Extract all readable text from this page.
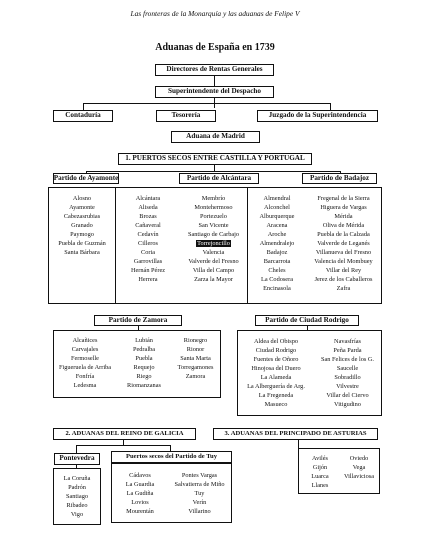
Las fronteras de la Monarquía y las aduanas de Felipe V
Aduanas de España en 1739
Directores de Rentas Generales
Superintendente del Despacho
Contaduría	Tesorería	Juzgado de la Superintendencia
Aduana de Madrid
1. PUERTOS SECOS ENTRE CASTILLA Y PORTUGAL
Partido de Ayamonte	Partido de Alcántara	Partido de Badajoz
Alosno
Ayamonte
Cabezasrubias
Granado
Paymogo
Puebla de Guzmán
Santa Bárbara
Alcántara
Aliseda
Brozas
Cañaveral
Cedavín
Cilleros
Coria
Garrovillas
Hernán Pérez
Herrera
Membrío
Montehermoso
Portezuelo
San Vicente
Santiago de Carbajo
Torrejoncillo
Valencia
Valverde del Fresno
Villa del Campo
Zarza la Mayor
Almendral
Alconchel
Alburquerque
Aracena
Aroche
Almendralejo
Badajoz
Barcarrota
Cheles
La Codosera
Encinasola
Fregenal de la Sierra
Higuera de Vargas
Mérida
Oliva de Mérida
Puebla de la Calzada
Valverde de Leganés
Villanueva del Fresno
Valencia del Mombuey
Villar del Rey
Jerez de los Caballeros
Zafra
Partido de Zamora
Alcañices
Carvajales
Fermoselle
Figueruela de Arriba
Fonfría
Ledesma
Lubián
Pedralba
Puebla
Requejo
Riego
Riomanzanas
Rionegro
Rionor
Santa Marta
Torregamones
Zamora
Partido de Ciudad Rodrigo
Aldea del Obispo
Ciudad Rodrigo
Fuentes de Oñoro
Hinojosa del Duero
La Alameda
La Alberguería de Arg.
La Fregeneda
Masueco
Navasfrías
Peña Parda
San Felices de los G.
Saucelle
Sobradillo
Vilvestre
Villar del Ciervo
Vitigudino
2. ADUANAS DEL REINO DE GALICIA
Pontevedra
La Coruña
Padrón
Santiago
Ribadeo
Vigo
Puertos secos del Partido de Tuy
Cádavos
La Guardia
La Gudiña
Lovios
Mourentán
Pontes Vargas
Salvatierra de Miño
Tuy
Verín
Villarino
3. ADUANAS DEL PRINCIPADO DE ASTURIAS
Avilés
Gijón
Luarca
Llanes
Oviedo
Vega
Villaviciosa
